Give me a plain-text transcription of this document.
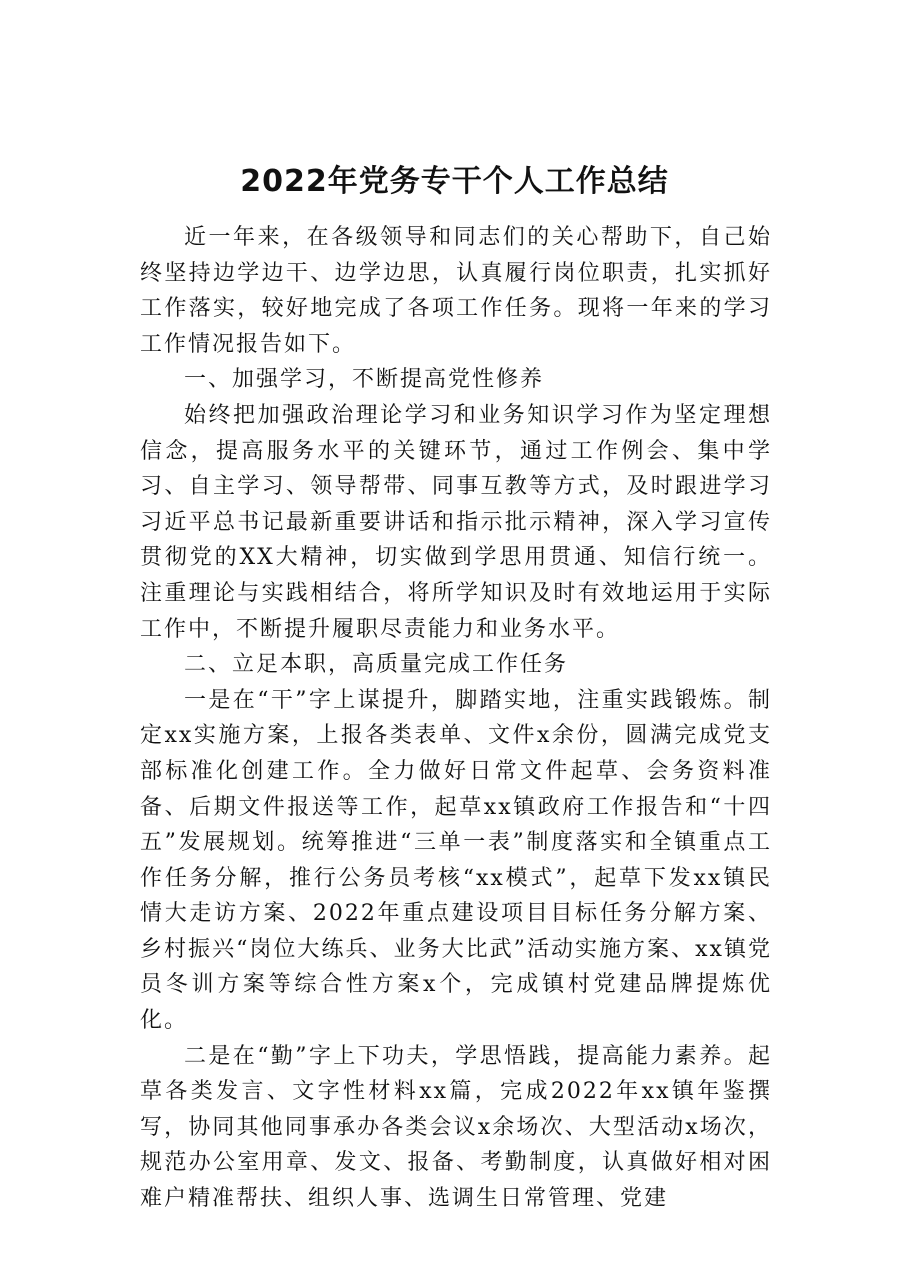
2022年党务专干个人工作总结

近一年来，在各级领导和同志们的关心帮助下，自己始终坚持边学边干、边学边思，认真履行岗位职责，扎实抓好工作落实，较好地完成了各项工作任务。现将一年来的学习工作情况报告如下。

一、加强学习，不断提高党性修养

始终把加强政治理论学习和业务知识学习作为坚定理想信念，提高服务水平的关键环节，通过工作例会、集中学习、自主学习、领导帮带、同事互教等方式，及时跟进学习习近平总书记最新重要讲话和指示批示精神，深入学习宣传贯彻党的XX大精神，切实做到学思用贯通、知信行统一。注重理论与实践相结合，将所学知识及时有效地运用于实际工作中，不断提升履职尽责能力和业务水平。

二、立足本职，高质量完成工作任务

一是在“干”字上谋提升，脚踏实地，注重实践锻炼。制定xx实施方案，上报各类表单、文件x余份，圆满完成党支部标准化创建工作。全力做好日常文件起草、会务资料准备、后期文件报送等工作，起草xx镇政府工作报告和“十四五”发展规划。统筹推进“三单一表”制度落实和全镇重点工作任务分解，推行公务员考核“xx模式”，起草下发xx镇民情大走访方案、2022年重点建设项目目标任务分解方案、乡村振兴“岗位大练兵、业务大比武”活动实施方案、xx镇党员冬训方案等综合性方案x个，完成镇村党建品牌提炼优化。

二是在“勤”字上下功夫，学思悟践，提高能力素养。起草各类发言、文字性材料xx篇，完成2022年xx镇年鉴撰写，协同其他同事承办各类会议x余场次、大型活动x场次，规范办公室用章、发文、报备、考勤制度，认真做好相对困难户精准帮扶、组织人事、选调生日常管理、党建
